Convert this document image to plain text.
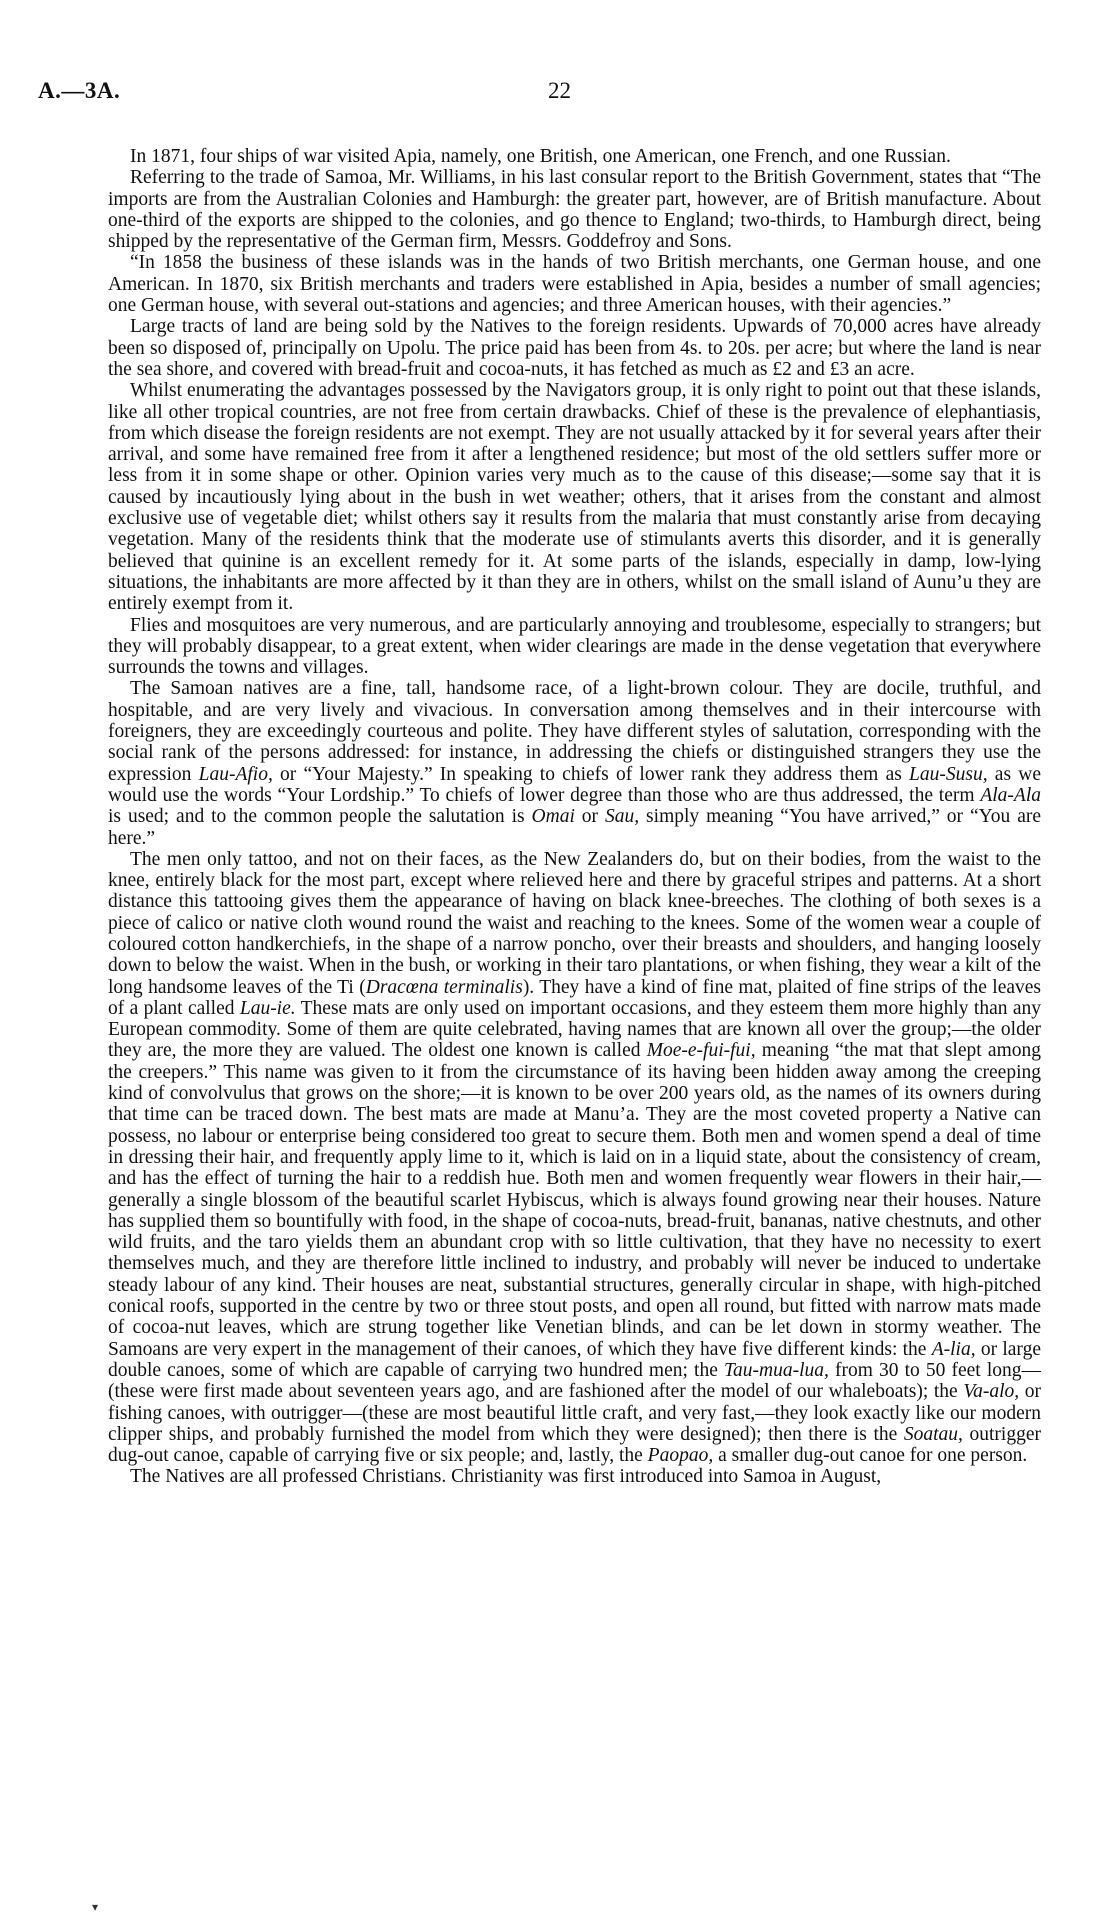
A.—3A.	22

In 1871, four ships of war visited Apia, namely, one British, one American, one French, and one Russian.

Referring to the trade of Samoa, Mr. Williams, in his last consular report to the British Government, states that “The imports are from the Australian Colonies and Hamburgh: the greater part, however, are of British manufacture. About one-third of the exports are shipped to the colonies, and go thence to England; two-thirds, to Hamburgh direct, being shipped by the representative of the German firm, Messrs. Goddefroy and Sons.

“In 1858 the business of these islands was in the hands of two British merchants, one German house, and one American. In 1870, six British merchants and traders were established in Apia, besides a number of small agencies; one German house, with several out-stations and agencies; and three American houses, with their agencies.”

Large tracts of land are being sold by the Natives to the foreign residents. Upwards of 70,000 acres have already been so disposed of, principally on Upolu. The price paid has been from 4s. to 20s. per acre; but where the land is near the sea shore, and covered with bread-fruit and cocoa-nuts, it has fetched as much as £2 and £3 an acre.

Whilst enumerating the advantages possessed by the Navigators group, it is only right to point out that these islands, like all other tropical countries, are not free from certain drawbacks. Chief of these is the prevalence of elephantiasis, from which disease the foreign residents are not exempt. They are not usually attacked by it for several years after their arrival, and some have remained free from it after a lengthened residence; but most of the old settlers suffer more or less from it in some shape or other. Opinion varies very much as to the cause of this disease;—some say that it is caused by incautiously lying about in the bush in wet weather; others, that it arises from the constant and almost exclusive use of vegetable diet; whilst others say it results from the malaria that must constantly arise from decaying vegetation. Many of the residents think that the moderate use of stimulants averts this disorder, and it is generally believed that quinine is an excellent remedy for it. At some parts of the islands, especially in damp, low-lying situations, the inhabitants are more affected by it than they are in others, whilst on the small island of Aunu’u they are entirely exempt from it.

Flies and mosquitoes are very numerous, and are particularly annoying and troublesome, especially to strangers; but they will probably disappear, to a great extent, when wider clearings are made in the dense vegetation that everywhere surrounds the towns and villages.

The Samoan natives are a fine, tall, handsome race, of a light-brown colour. They are docile, truthful, and hospitable, and are very lively and vivacious. In conversation among themselves and in their intercourse with foreigners, they are exceedingly courteous and polite. They have different styles of salutation, corresponding with the social rank of the persons addressed: for instance, in addressing the chiefs or distinguished strangers they use the expression Lau-Afio, or “Your Majesty.” In speaking to chiefs of lower rank they address them as Lau-Susu, as we would use the words “Your Lordship.” To chiefs of lower degree than those who are thus addressed, the term Ala-Ala is used; and to the common people the salutation is Omai or Sau, simply meaning “You have arrived,” or “You are here.”

The men only tattoo, and not on their faces, as the New Zealanders do, but on their bodies, from the waist to the knee, entirely black for the most part, except where relieved here and there by graceful stripes and patterns. At a short distance this tattooing gives them the appearance of having on black knee-breeches. The clothing of both sexes is a piece of calico or native cloth wound round the waist and reaching to the knees. Some of the women wear a couple of coloured cotton handkerchiefs, in the shape of a narrow poncho, over their breasts and shoulders, and hanging loosely down to below the waist. When in the bush, or working in their taro plantations, or when fishing, they wear a kilt of the long handsome leaves of the Ti (Dracœna terminalis). They have a kind of fine mat, plaited of fine strips of the leaves of a plant called Lau-ie. These mats are only used on important occasions, and they esteem them more highly than any European commodity. Some of them are quite celebrated, having names that are known all over the group;—the older they are, the more they are valued. The oldest one known is called Moe-e-fui-fui, meaning “the mat that slept among the creepers.” This name was given to it from the circumstance of its having been hidden away among the creeping kind of convolvulus that grows on the shore;—it is known to be over 200 years old, as the names of its owners during that time can be traced down. The best mats are made at Manu’a. They are the most coveted property a Native can possess, no labour or enterprise being considered too great to secure them. Both men and women spend a deal of time in dressing their hair, and frequently apply lime to it, which is laid on in a liquid state, about the consistency of cream, and has the effect of turning the hair to a reddish hue. Both men and women frequently wear flowers in their hair,—generally a single blossom of the beautiful scarlet Hybiscus, which is always found growing near their houses. Nature has supplied them so bountifully with food, in the shape of cocoa-nuts, bread-fruit, bananas, native chestnuts, and other wild fruits, and the taro yields them an abundant crop with so little cultivation, that they have no necessity to exert themselves much, and they are therefore little inclined to industry, and probably will never be induced to undertake steady labour of any kind. Their houses are neat, substantial structures, generally circular in shape, with high-pitched conical roofs, supported in the centre by two or three stout posts, and open all round, but fitted with narrow mats made of cocoa-nut leaves, which are strung together like Venetian blinds, and can be let down in stormy weather. The Samoans are very expert in the management of their canoes, of which they have five different kinds: the A-lia, or large double canoes, some of which are capable of carrying two hundred men; the Tau-mua-lua, from 30 to 50 feet long—(these were first made about seventeen years ago, and are fashioned after the model of our whaleboats); the Va-alo, or fishing canoes, with outrigger—(these are most beautiful little craft, and very fast,—they look exactly like our modern clipper ships, and probably furnished the model from which they were designed); then there is the Soatau, outrigger dug-out canoe, capable of carrying five or six people; and, lastly, the Paopao, a smaller dug-out canoe for one person.

The Natives are all professed Christians. Christianity was first introduced into Samoa in August,

▾
